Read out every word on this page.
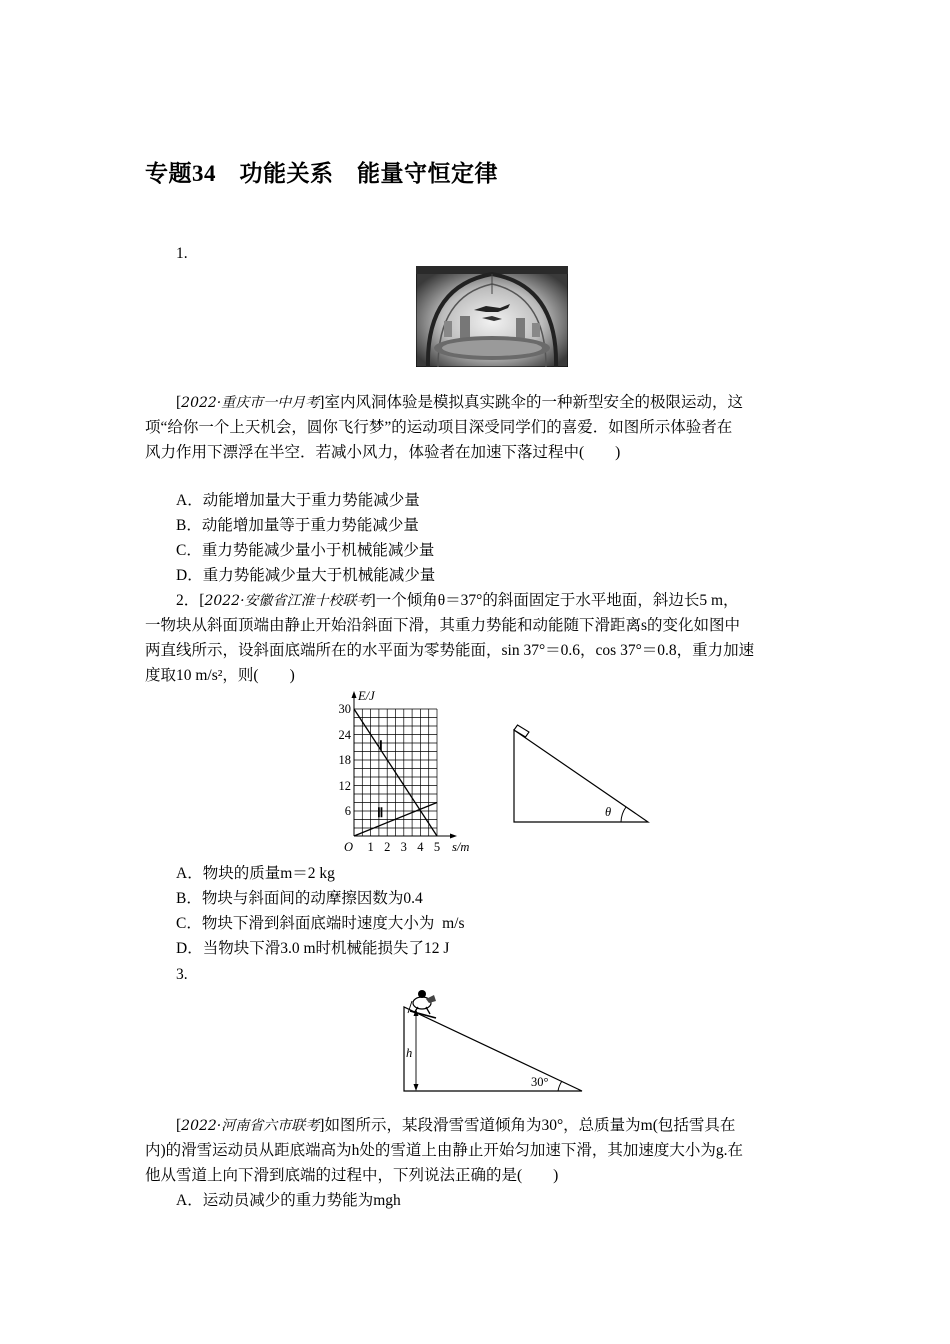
专题34　功能关系　能量守恒定律
1.
[2022·重庆市一中月考]室内风洞体验是模拟真实跳伞的一种新型安全的极限运动，这
项“给你一个上天机会，圆你飞行梦”的运动项目深受同学们的喜爱．如图所示体验者在
风力作用下漂浮在半空．若减小风力，体验者在加速下落过程中(　　)
A．动能增加量大于重力势能减少量
B．动能增加量等于重力势能减少量
C．重力势能减少量小于机械能减少量
D．重力势能减少量大于机械能减少量
2．[2022·安徽省江淮十校联考]一个倾角θ＝37°的斜面固定于水平地面，斜边长5 m，
一物块从斜面顶端由静止开始沿斜面下滑，其重力势能和动能随下滑距离s的变化如图中
两直线所示，设斜面底端所在的水平面为零势能面，sin 37°＝0.6，cos 37°＝0.8，重力加速
度取10 m/s²，则(　　)
30
24
18
12
6
O 1 2 3 4 5 s/m
E/J
Ⅰ
Ⅱ	θ
A．物块的质量m＝2 kg
B．物块与斜面间的动摩擦因数为0.4
C．物块下滑到斜面底端时速度大小为  m/s
D．当物块下滑3.0 m时机械能损失了12 J
3.
h
30°
[2022·河南省六市联考]如图所示，某段滑雪雪道倾角为30°，总质量为m(包括雪具在
内)的滑雪运动员从距底端高为h处的雪道上由静止开始匀加速下滑，其加速度大小为g.在
他从雪道上向下滑到底端的过程中，下列说法正确的是(　　)
A．运动员减少的重力势能为mgh
